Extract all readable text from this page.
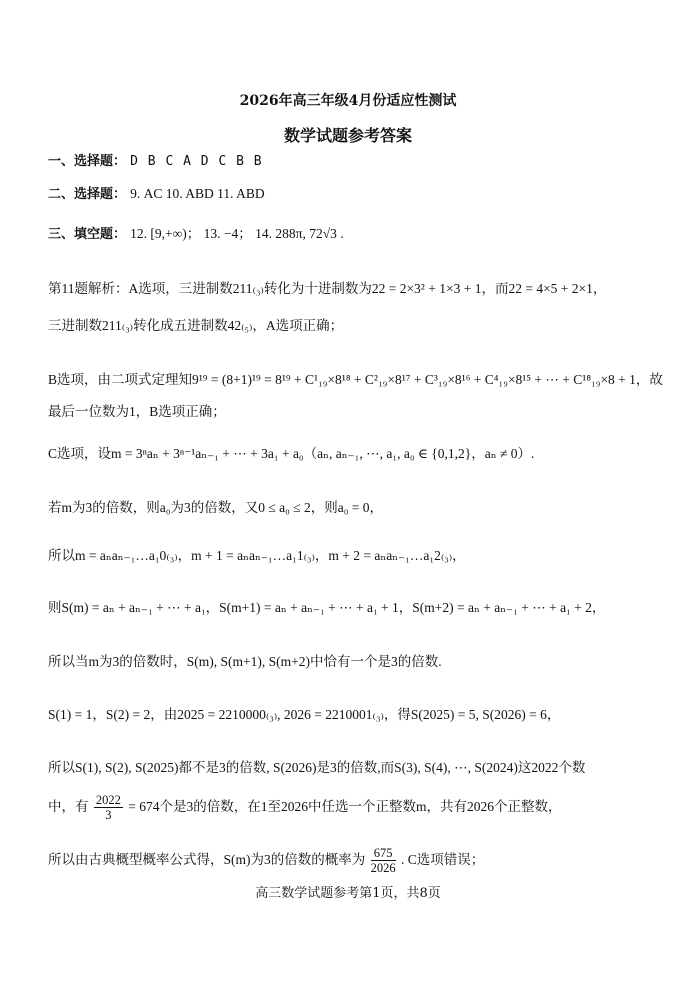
2026年高三年级4月份适应性测试
数学试题参考答案
一、选择题： D B C A D C B B
二、选择题： 9. AC 10. ABD 11. ABD
三、填空题： 12. [9,+∞)； 13. −4； 14. 288π, 72√3 .
第11题解析：A选项，三进制数211₍₃₎转化为十进制数为22 = 2×3² + 1×3 + 1，而22 = 4×5 + 2×1，
三进制数211₍₃₎转化成五进制数42₍₅₎，A选项正确；
B选项，由二项式定理知9¹⁹ = (8+1)¹⁹ = 8¹⁹ + C¹₁₉×8¹⁸ + C²₁₉×8¹⁷ + C³₁₉×8¹⁶ + C⁴₁₉×8¹⁵ + ⋯ + C¹⁸₁₉×8 + 1，故
最后一位数为1，B选项正确；
C选项，设m = 3ⁿaₙ + 3ⁿ⁻¹aₙ₋₁ + ⋯ + 3a₁ + a₀（aₙ, aₙ₋₁, ⋯, a₁, a₀ ∈ {0,1,2}，aₙ ≠ 0）.
若m为3的倍数，则a₀为3的倍数，又0 ≤ a₀ ≤ 2，则a₀ = 0，
所以m = aₙaₙ₋₁…a₁0₍₃₎，m + 1 = aₙaₙ₋₁…a₁1₍₃₎，m + 2 = aₙaₙ₋₁…a₁2₍₃₎，
则S(m) = aₙ + aₙ₋₁ + ⋯ + a₁，S(m+1) = aₙ + aₙ₋₁ + ⋯ + a₁ + 1，S(m+2) = aₙ + aₙ₋₁ + ⋯ + a₁ + 2，
所以当m为3的倍数时，S(m), S(m+1), S(m+2)中恰有一个是3的倍数.
S(1) = 1，S(2) = 2，由2025 = 2210000₍₃₎, 2026 = 2210001₍₃₎，得S(2025) = 5, S(2026) = 6，
所以S(1), S(2), S(2025)都不是3的倍数, S(2026)是3的倍数,而S(3), S(4), ⋯, S(2024)这2022个数
中，有 $\frac{2022}{3} = 674$个是3的倍数，在1至2026中任选一个正整数m，共有2026个正整数，
所以由古典概型概率公式得，S(m)为3的倍数的概率为 $\frac{675}{2026}$ . C选项错误；
高三数学试题参考第1页，共8页
